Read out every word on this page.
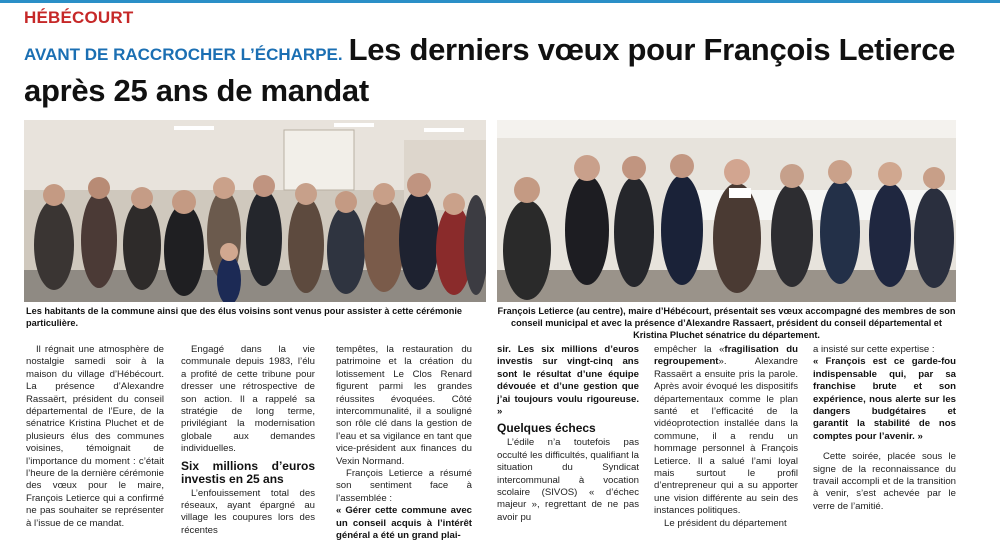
HÉBÉCOURT
AVANT DE RACCROCHER L’ÉCHARPE. Les derniers vœux pour François Letierce après 25 ans de mandat
Les habitants de la commune ainsi que des élus voisins sont venus pour assister à cette cérémonie particulière.
François Letierce (au centre), maire d’Hébécourt, présentait ses vœux accompagné des membres de son conseil municipal et avec la présence d’Alexandre Rassaert, président du conseil départemental et Kristina Pluchet sénatrice du département.

Il régnait une atmosphère de nostalgie samedi soir à la maison du village d’Hébécourt. La présence d’Alexandre Rassaërt, président du conseil départemental de l’Eure, de la sénatrice Kristina Pluchet et de plusieurs élus des communes voisines, témoignait de l’importance du moment : c’était l’heure de la dernière cérémonie des vœux pour le maire, François Letierce qui a confirmé ne pas souhaiter se représenter à l’issue de ce mandat.

Engagé dans la vie communale depuis 1983, l’élu a profité de cette tribune pour dresser une rétrospective de son action. Il a rappelé sa stratégie de long terme, privilégiant la modernisation globale aux demandes individuelles.

Six millions d’euros investis en 25 ans

L’enfouissement total des réseaux, ayant épargné au village les coupures lors des récentes

tempêtes, la restauration du patrimoine et la création du lotissement Le Clos Renard figurent parmi les grandes réussites évoquées. Côté intercommunalité, il a souligné son rôle clé dans la gestion de l’eau et sa vigilance en tant que vice-président aux finances du Vexin Normand.

François Letierce a résumé son sentiment face à l’assemblée :

« Gérer cette commune avec un conseil acquis à l’intérêt général a été un grand plai-

sir. Les six millions d’euros investis sur vingt-cinq ans sont le résultat d’une équipe dévouée et d’une gestion que j’ai toujours voulu rigoureuse. »

Quelques échecs

L’édile n’a toutefois pas occulté les difficultés, qualifiant la situation du Syndicat intercommunal à vocation scolaire (SIVOS) « d’échec majeur », regrettant de ne pas avoir pu

empêcher la «fragilisation du regroupement». Alexandre Rassaërt a ensuite pris la parole. Après avoir évoqué les dispositifs départementaux comme le plan santé et l’efficacité de la vidéoprotection installée dans la commune, il a rendu un hommage personnel à François Letierce. Il a salué l’ami loyal mais surtout le profil d’entrepreneur qui a su apporter une vision différente au sein des instances politiques.

Le président du département

a insisté sur cette expertise :

« François est ce garde-fou indispensable qui, par sa franchise brute et son expérience, nous alerte sur les dangers budgétaires et garantit la stabilité de nos comptes pour l’avenir. »

Cette soirée, placée sous le signe de la reconnaissance du travail accompli et de la transition à venir, s’est achevée par le verre de l’amitié.
